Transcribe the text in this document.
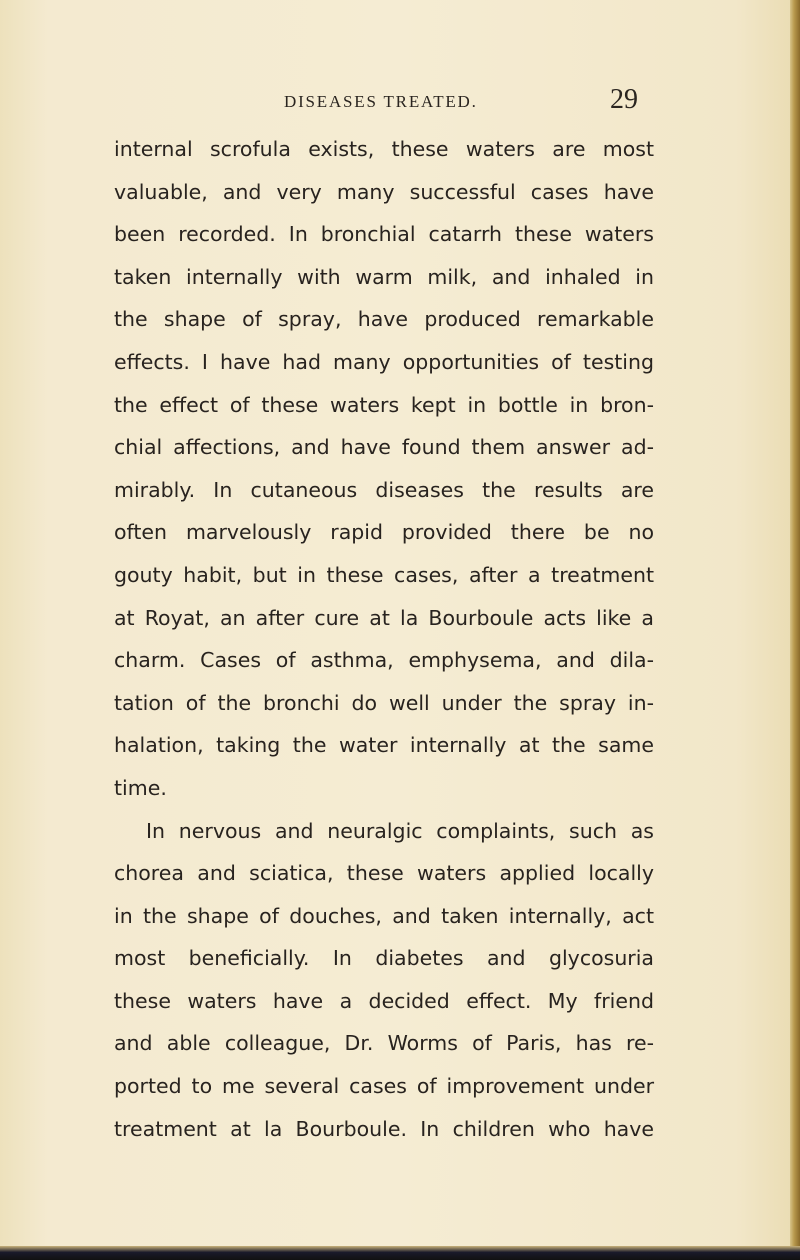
DISEASES TREATED.	29
internal scrofula exists, these waters are most
valuable, and very many successful cases have
been recorded. In bronchial catarrh these waters
taken internally with warm milk, and inhaled in
the shape of spray, have produced remarkable
effects. I have had many opportunities of testing
the effect of these waters kept in bottle in bron-
chial affections, and have found them answer ad-
mirably. In cutaneous diseases the results are
often marvelously rapid provided there be no
gouty habit, but in these cases, after a treatment
at Royat, an after cure at la Bourboule acts like a
charm. Cases of asthma, emphysema, and dila-
tation of the bronchi do well under the spray in-
halation, taking the water internally at the same
time.
In nervous and neuralgic complaints, such as
chorea and sciatica, these waters applied locally
in the shape of douches, and taken internally, act
most beneficially. In diabetes and glycosuria
these waters have a decided effect. My friend
and able colleague, Dr. Worms of Paris, has re-
ported to me several cases of improvement under
treatment at la Bourboule. In children who have
